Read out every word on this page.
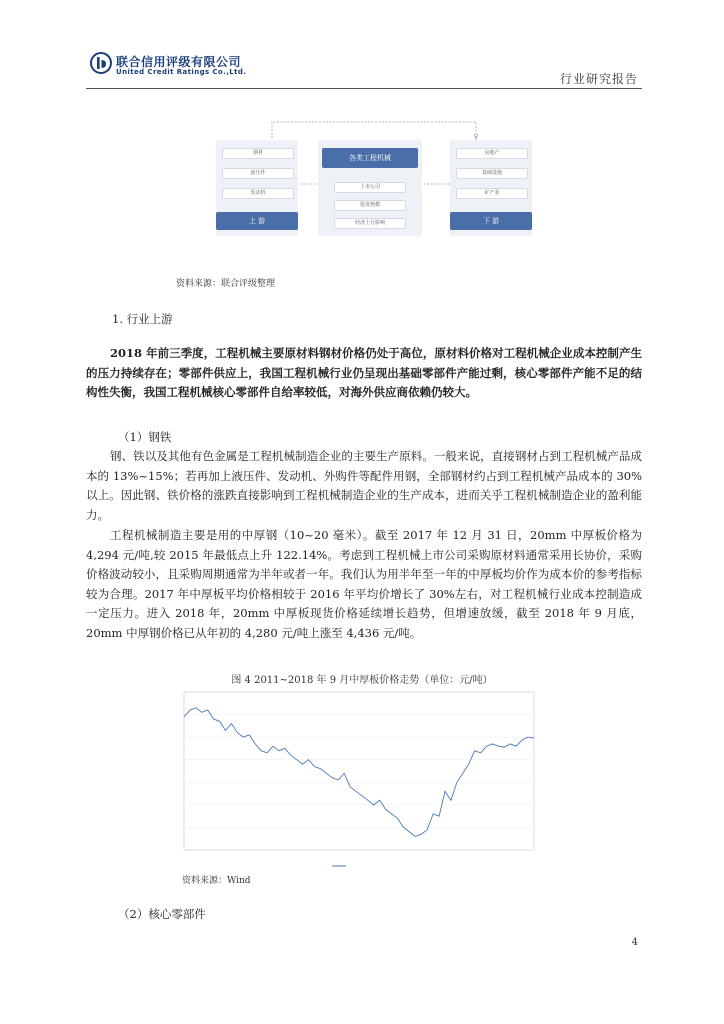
联合信用评级有限公司
United Credit Ratings Co.,Ltd.	行业研究报告
钢材
液压件
发动机
上 游
各类工程机械
上市公司
投资规模
经济上行影响
房地产
基础设施
矿产业
下 游
资料来源：联合评级整理
1. 行业上游
2018 年前三季度，工程机械主要原材料钢材价格仍处于高位，原材料价格对工程机械企业成本控制产生的压力持续存在；零部件供应上，我国工程机械行业仍呈现出基础零部件产能过剩，核心零部件产能不足的结构性失衡，我国工程机械核心零部件自给率较低，对海外供应商依赖仍较大。
（1）钢铁
钢、铁以及其他有色金属是工程机械制造企业的主要生产原料。一般来说，直接钢材占到工程机械产品成本的 13%~15%；若再加上液压件、发动机、外购件等配件用钢，全部钢材约占到工程机械产品成本的 30%以上。因此钢、铁价格的涨跌直接影响到工程机械制造企业的生产成本，进而关乎工程机械制造企业的盈利能力。
工程机械制造主要是用的中厚钢（10~20 毫米）。截至 2017 年 12 月 31 日，20mm 中厚板价格为 4,294 元/吨,较 2015 年最低点上升 122.14%。考虑到工程机械上市公司采购原材料通常采用长协价，采购价格波动较小，且采购周期通常为半年或者一年。我们认为用半年至一年的中厚板均价作为成本价的参考指标较为合理。2017 年中厚板平均价格相较于 2016 年平均价增长了 30%左右，对工程机械行业成本控制造成一定压力。进入 2018 年，20mm 中厚板现货价格延续增长趋势，但增速放缓，截至 2018 年 9 月底，20mm 中厚钢价格已从年初的 4,280 元/吨上涨至 4,436 元/吨。
图 4 2011~2018 年 9 月中厚板价格走势（单位：元/吨）
资料来源：Wind
（2）核心零部件
4
